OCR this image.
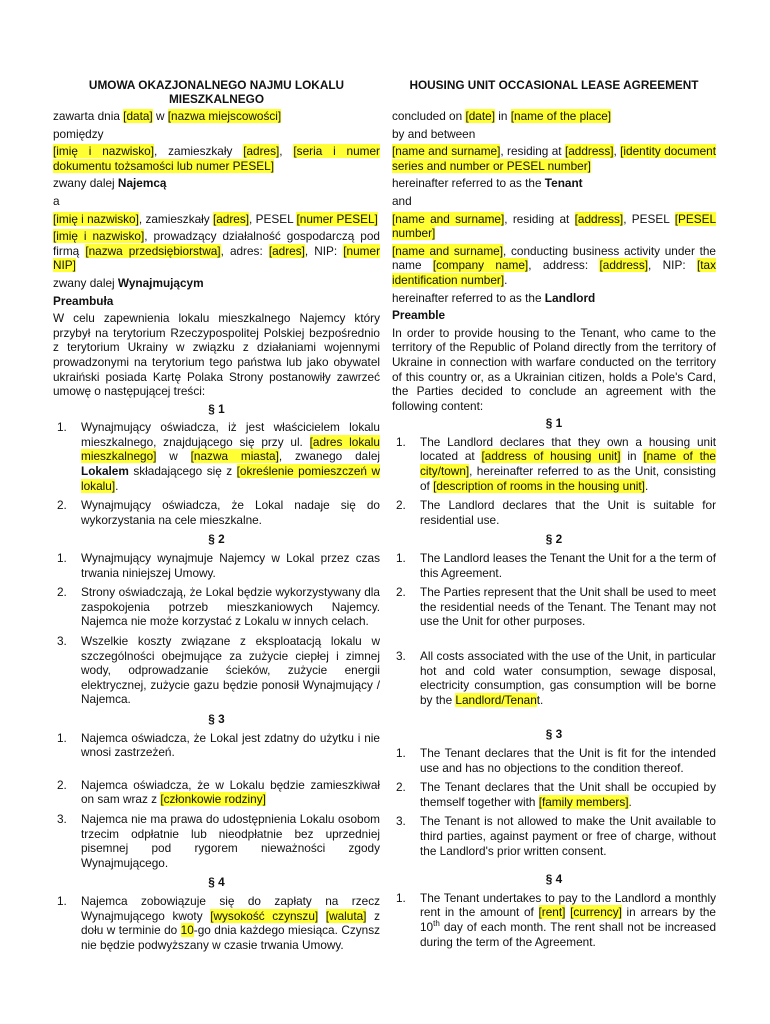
UMOWA OKAZJONALNEGO NAJMU LOKALU MIESZKALNEGO
zawarta dnia [data] w [nazwa miejscowości]
pomiędzy
[imię i nazwisko], zamieszkały [adres], [seria i numer dokumentu tożsamości lub numer PESEL]
zwany dalej Najemcą
a
[imię i nazwisko], zamieszkały [adres], PESEL [numer PESEL]
[imię i nazwisko], prowadzący działalność gospodarczą pod firmą [nazwa przedsiębiorstwa], adres: [adres], NIP: [numer NIP]
zwany dalej Wynajmującym
Preambuła
W celu zapewnienia lokalu mieszkalnego Najemcy który przybył na terytorium Rzeczypospolitej Polskiej bezpośrednio z terytorium Ukrainy w związku z działaniami wojennymi prowadzonymi na terytorium tego państwa lub jako obywatel ukraiński posiada Kartę Polaka Strony postanowiły zawrzeć umowę o następującej treści:
§ 1
1. Wynajmujący oświadcza, iż jest właścicielem lokalu mieszkalnego, znajdującego się przy ul. [adres lokalu mieszkalnego] w [nazwa miasta], zwanego dalej Lokalem składającego się z [określenie pomieszczeń w lokalu].
2. Wynajmujący oświadcza, że Lokal nadaje się do wykorzystania na cele mieszkalne.
§ 2
1. Wynajmujący wynajmuje Najemcy w Lokal przez czas trwania niniejszej Umowy.
2. Strony oświadczają, że Lokal będzie wykorzystywany dla zaspokojenia potrzeb mieszkaniowych Najemcy. Najemca nie może korzystać z Lokalu w innych celach.
3. Wszelkie koszty związane z eksploatacją lokalu w szczególności obejmujące za zużycie ciepłej i zimnej wody, odprowadzanie ścieków, zużycie energii elektrycznej, zużycie gazu będzie ponosił Wynajmujący / Najemca.
§ 3
1. Najemca oświadcza, że Lokal jest zdatny do użytku i nie wnosi zastrzeżeń.
2. Najemca oświadcza, że w Lokalu będzie zamieszkiwał on sam wraz z [członkowie rodziny]
3. Najemca nie ma prawa do udostępnienia Lokalu osobom trzecim odpłatnie lub nieodpłatnie bez uprzedniej pisemnej pod rygorem nieważności zgody Wynajmującego.
§ 4
1. Najemca zobowiązuje się do zapłaty na rzecz Wynajmującego kwoty [wysokość czynszu] [waluta] z dołu w terminie do 10-go dnia każdego miesiąca. Czynsz nie będzie podwyższany w czasie trwania Umowy.
HOUSING UNIT OCCASIONAL LEASE AGREEMENT
concluded on [date] in [name of the place]
by and between
[name and surname], residing at [address], [identity document series and number or PESEL number]
hereinafter referred to as the Tenant
and
[name and surname], residing at [address], PESEL [PESEL number]
[name and surname], conducting business activity under the name [company name], address: [address], NIP: [tax identification number].
hereinafter referred to as the Landlord
Preamble
In order to provide housing to the Tenant, who came to the territory of the Republic of Poland directly from the territory of Ukraine in connection with warfare conducted on the territory of this country or, as a Ukrainian citizen, holds a Pole's Card, the Parties decided to conclude an agreement with the following content:
§ 1
1. The Landlord declares that they own a housing unit located at [address of housing unit] in [name of the city/town], hereinafter referred to as the Unit, consisting of [description of rooms in the housing unit].
2. The Landlord declares that the Unit is suitable for residential use.
§ 2
1. The Landlord leases the Tenant the Unit for a the term of this Agreement.
2. The Parties represent that the Unit shall be used to meet the residential needs of the Tenant. The Tenant may not use the Unit for other purposes.
3. All costs associated with the use of the Unit, in particular hot and cold water consumption, sewage disposal, electricity consumption, gas consumption will be borne by the Landlord/Tenant.
§ 3
1. The Tenant declares that the Unit is fit for the intended use and has no objections to the condition thereof.
2. The Tenant declares that the Unit shall be occupied by themself together with [family members].
3. The Tenant is not allowed to make the Unit available to third parties, against payment or free of charge, without the Landlord's prior written consent.
§ 4
1. The Tenant undertakes to pay to the Landlord a monthly rent in the amount of [rent] [currency] in arrears by the 10th day of each month. The rent shall not be increased during the term of the Agreement.
